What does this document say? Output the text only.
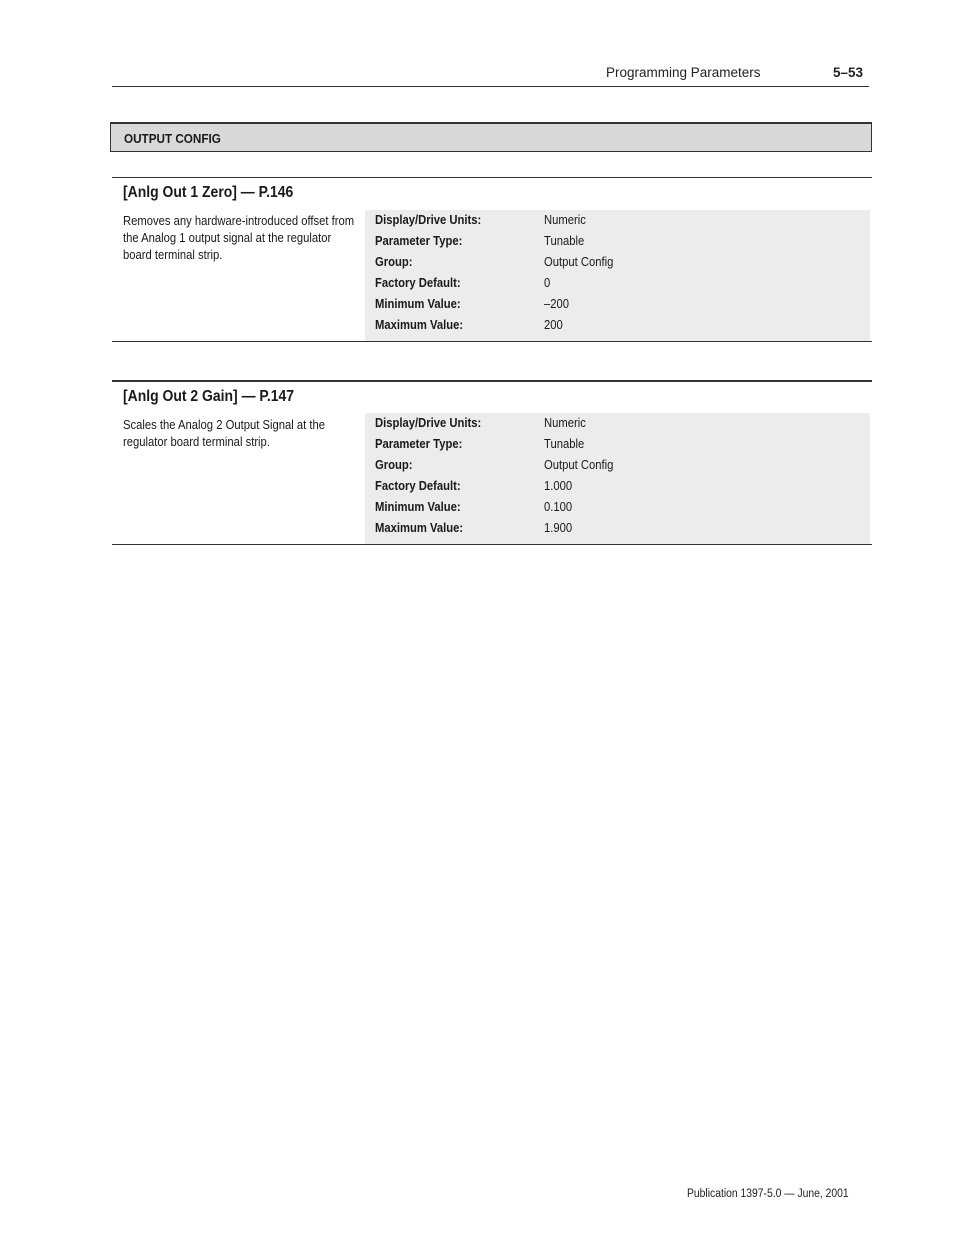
Programming Parameters	5–53
OUTPUT CONFIG
[Anlg Out 1 Zero] — P.146
Removes any hardware-introduced offset from the Analog 1 output signal at the regulator board terminal strip.
Display/Drive Units:	Numeric
Parameter Type:	Tunable
Group:	Output Config
Factory Default:	0
Minimum Value:	–200
Maximum Value:	200
[Anlg Out 2 Gain] — P.147
Scales the Analog 2 Output Signal at the regulator board terminal strip.
Display/Drive Units:	Numeric
Parameter Type:	Tunable
Group:	Output Config
Factory Default:	1.000
Minimum Value:	0.100
Maximum Value:	1.900
Publication 1397-5.0 — June, 2001
